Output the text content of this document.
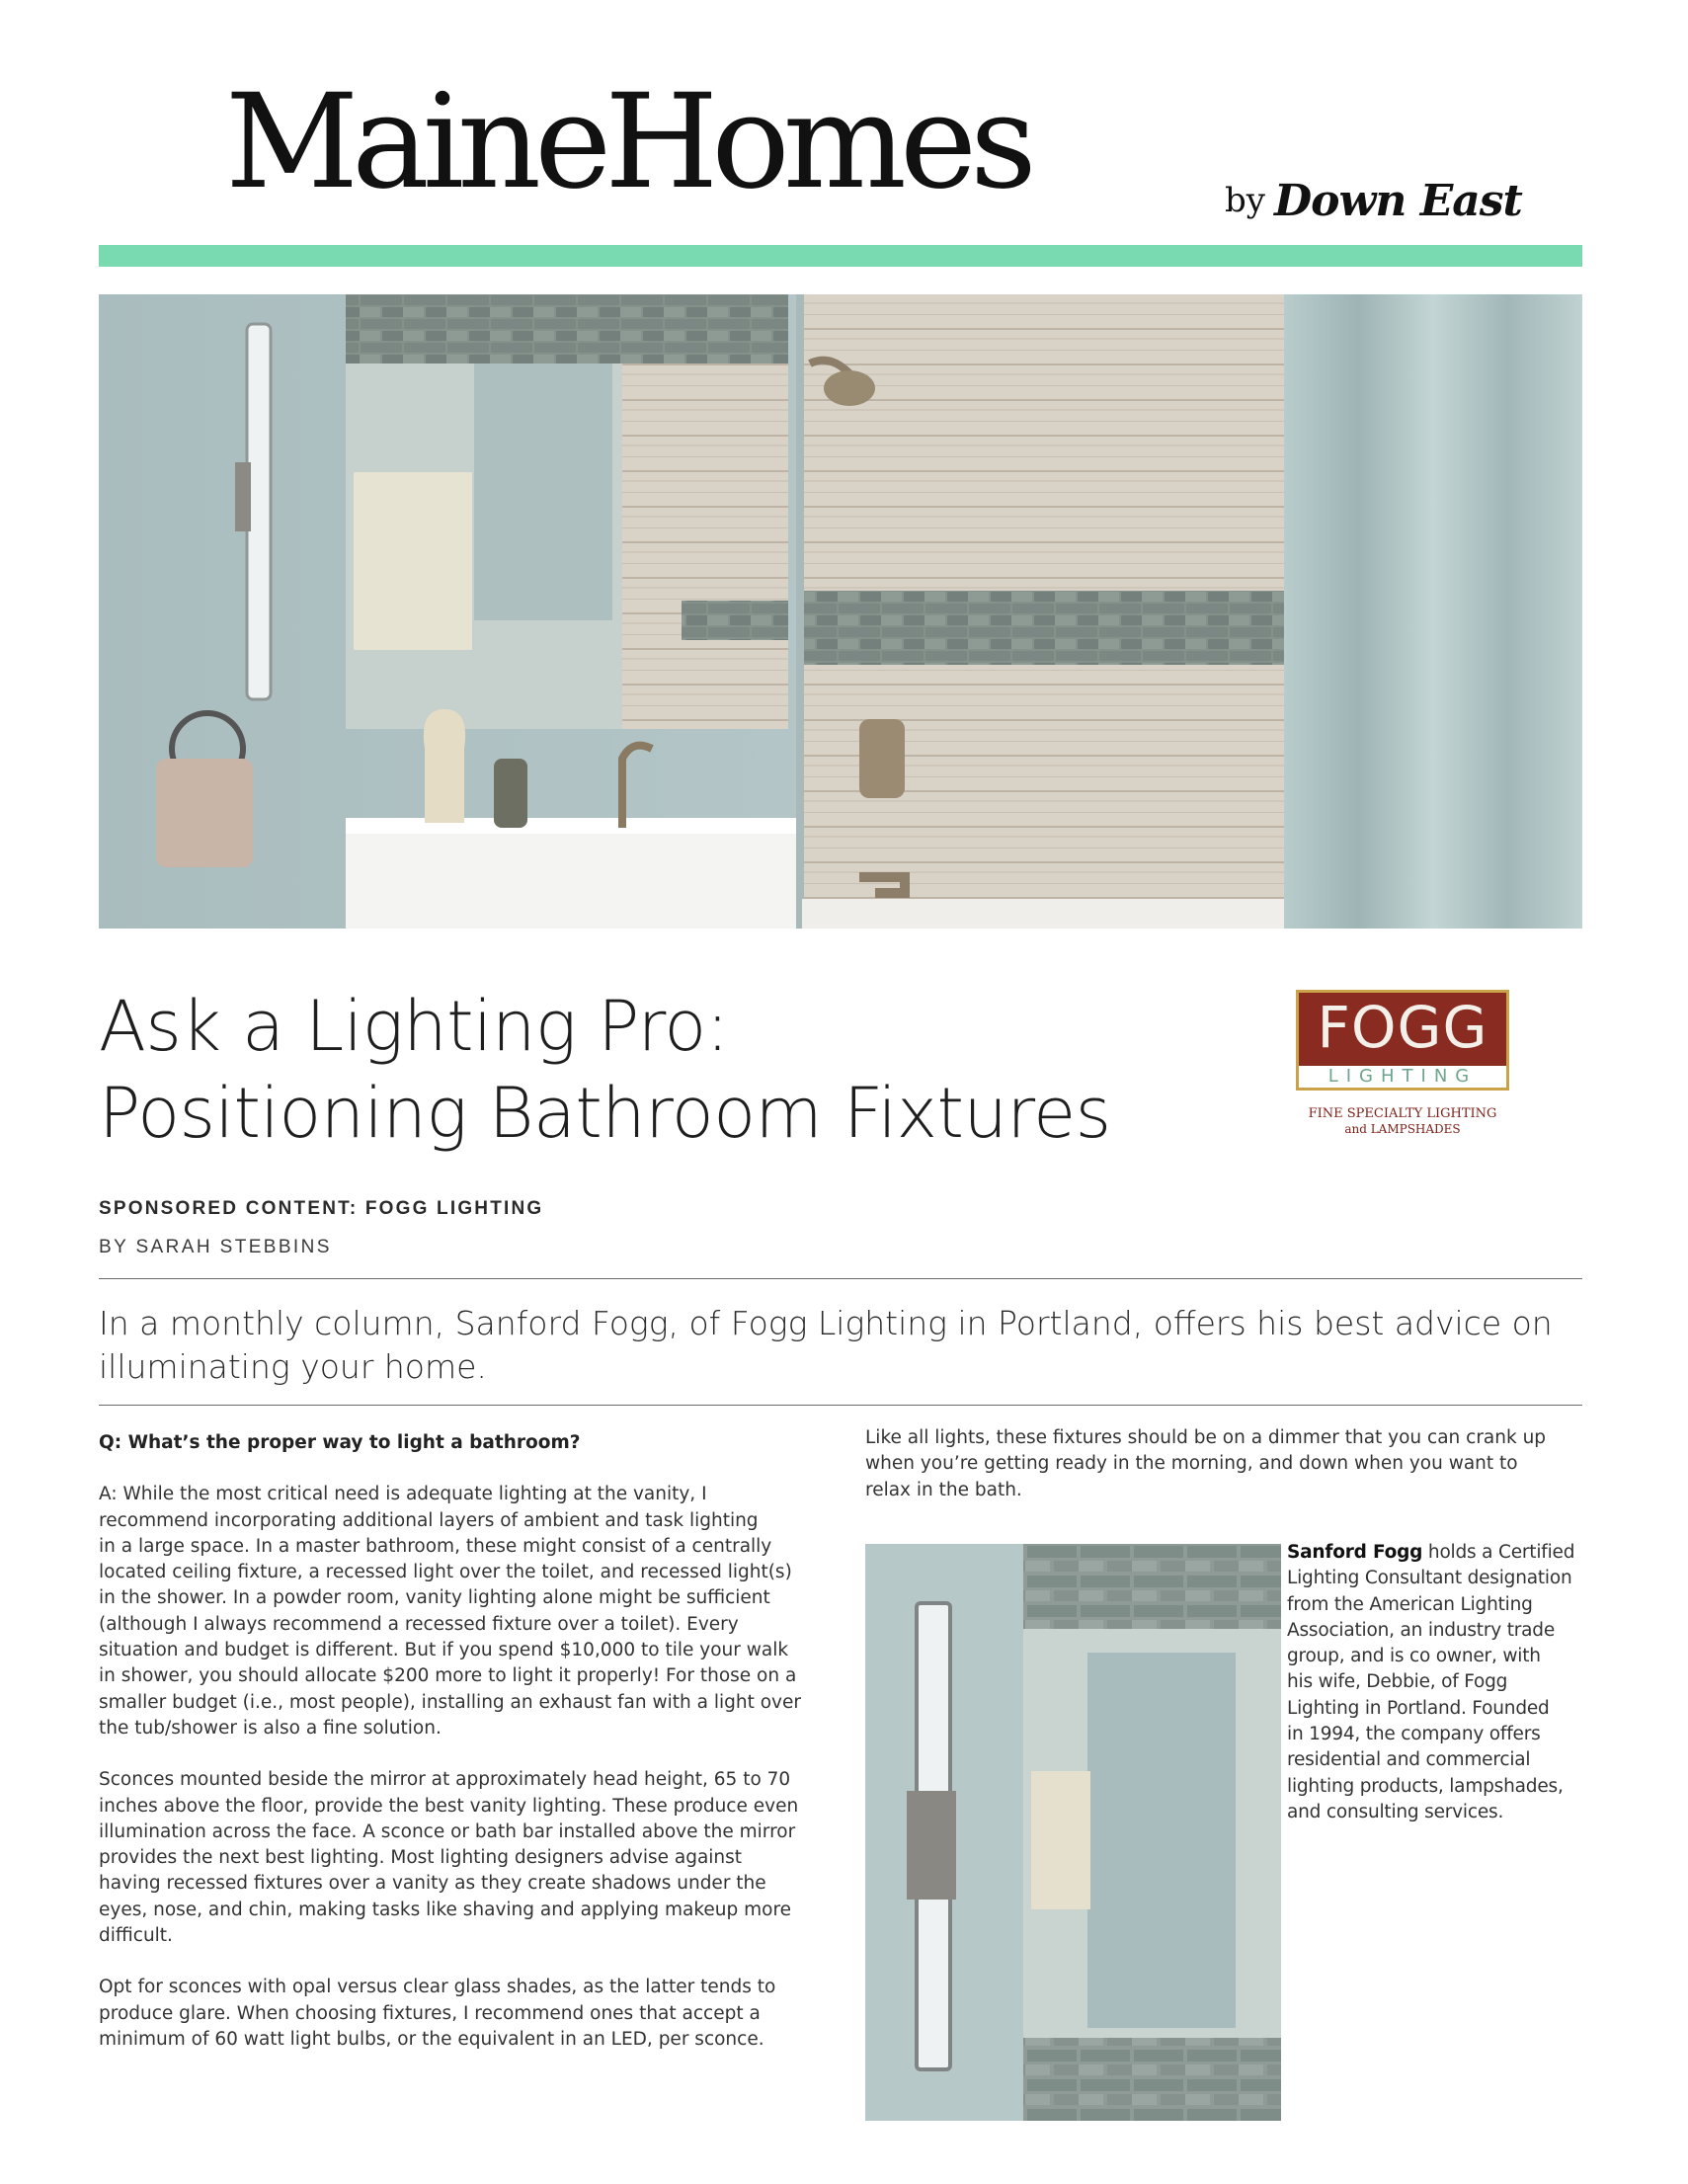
MaineHomes	by Down East
Ask a Lighting Pro:
Positioning Bathroom Fixtures
FOGG
LIGHTING
FINE SPECIALTY LIGHTING
and LAMPSHADES
SPONSORED CONTENT: FOGG LIGHTING
BY SARAH STEBBINS
In a monthly column, Sanford Fogg, of Fogg Lighting in Portland, offers his best advice on
illuminating your home.
Q: What’s the proper way to light a bathroom?
A: While the most critical need is adequate lighting at the vanity, I
recommend incorporating additional layers of ambient and task lighting
in a large space. In a master bathroom, these might consist of a centrally
located ceiling fixture, a recessed light over the toilet, and recessed light(s)
in the shower. In a powder room, vanity lighting alone might be sufficient
(although I always recommend a recessed fixture over a toilet). Every
situation and budget is different. But if you spend $10,000 to tile your walk
in shower, you should allocate $200 more to light it properly! For those on a
smaller budget (i.e., most people), installing an exhaust fan with a light over
the tub/shower is also a fine solution.
Sconces mounted beside the mirror at approximately head height, 65 to 70
inches above the floor, provide the best vanity lighting. These produce even
illumination across the face. A sconce or bath bar installed above the mirror
provides the next best lighting. Most lighting designers advise against
having recessed fixtures over a vanity as they create shadows under the
eyes, nose, and chin, making tasks like shaving and applying makeup more
difficult.
Opt for sconces with opal versus clear glass shades, as the latter tends to
produce glare. When choosing fixtures, I recommend ones that accept a
minimum of 60 watt light bulbs, or the equivalent in an LED, per sconce.
Like all lights, these fixtures should be on a dimmer that you can crank up
when you’re getting ready in the morning, and down when you want to
relax in the bath.
Sanford Fogg holds a Certified
Lighting Consultant designation
from the American Lighting
Association, an industry trade
group, and is co owner, with
his wife, Debbie, of Fogg
Lighting in Portland. Founded
in 1994, the company offers
residential and commercial
lighting products, lampshades,
and consulting services.
